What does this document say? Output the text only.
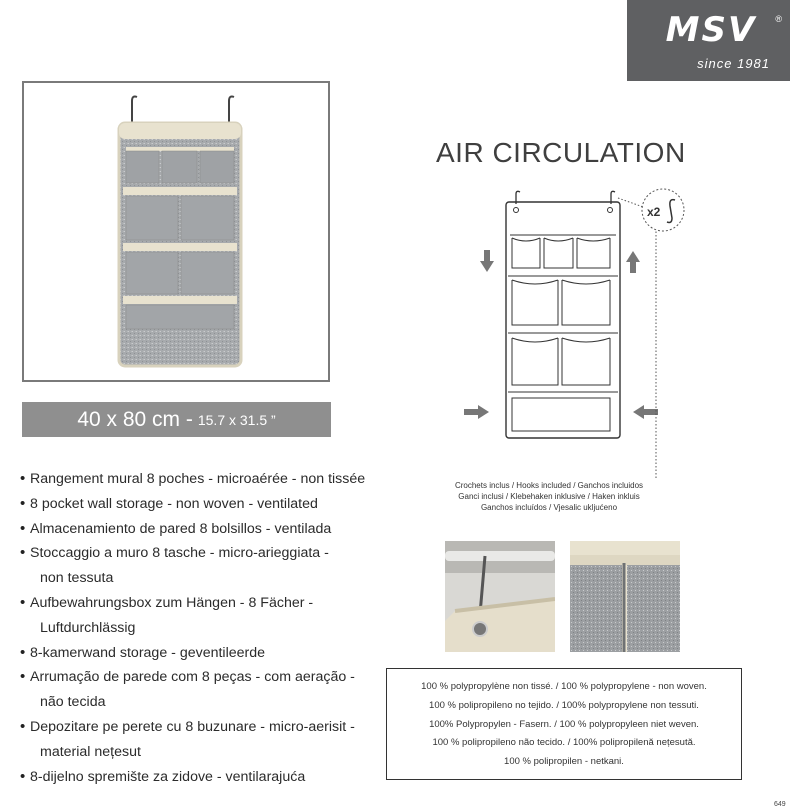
MSV	®
since 1981
40 x 80 cm - 15.7 x 31.5 ”
• Rangement mural 8 poches - microaérée - non tissée
• 8 pocket wall storage - non woven - ventilated
• Almacenamiento de pared 8 bolsillos - ventilada
• Stoccaggio a muro 8 tasche - micro-arieggiata -
non tessuta
• Aufbewahrungsbox zum Hängen - 8 Fächer -
Luftdurchlässig
• 8-kamerwand storage - geventileerde
• Arrumação de parede com 8 peças - com aeração -
não tecida
• Depozitare pe perete cu 8 buzunare - micro-aerisit -
material nețesut
• 8-dijelno spremište za zidove - ventilarajuća
AIR CIRCULATION
x2
Crochets inclus / Hooks included / Ganchos incluidos
Ganci inclusi / Klebehaken inklusive / Haken inkluis
Ganchos incluídos / Vjesalic ukljućeno
100 % polypropylène non tissé. / 100 % polypropylene - non woven.
100 % polipropileno no tejido. / 100% polypropylene non tessuti.
100% Polypropylen - Fasern. / 100 % polypropyleen niet weven.
100 % polipropileno não tecido. / 100% polipropilenă nețesută.
100 % polipropilen - netkani.
649
